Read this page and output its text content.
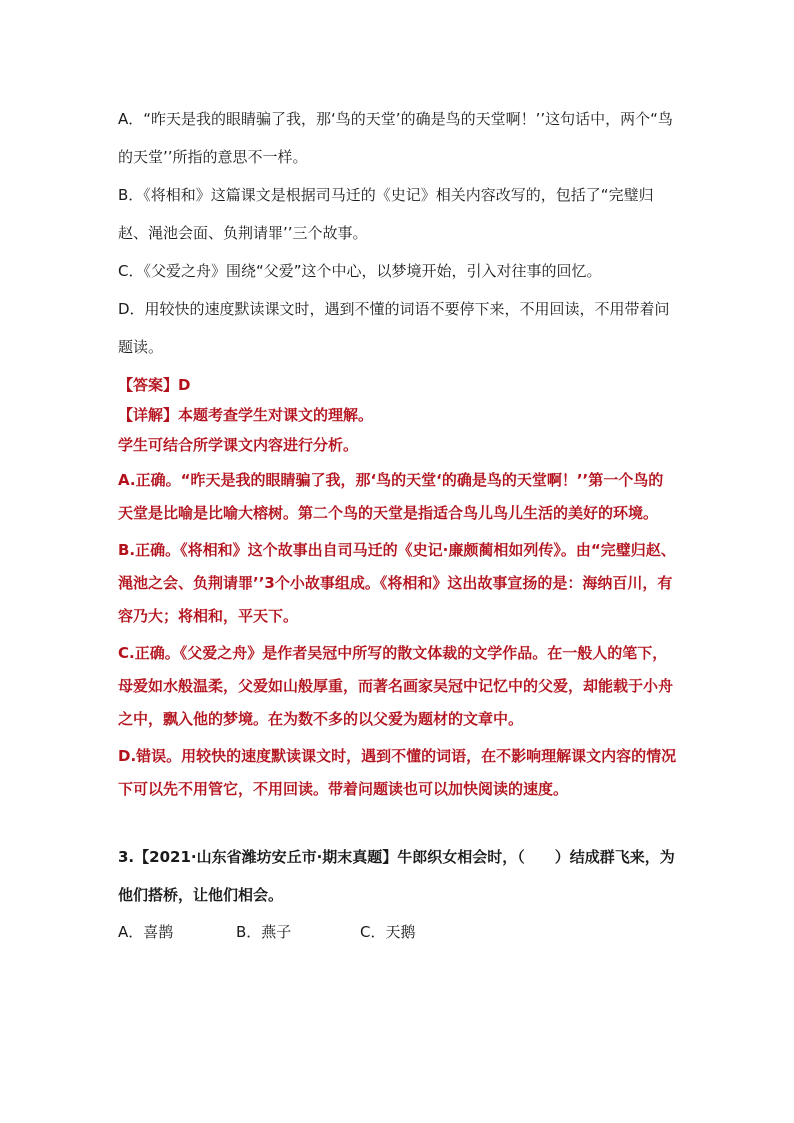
A．“昨天是我的眼睛骗了我，那‘鸟的天堂’的确是鸟的天堂啊！’’这句话中，两个“鸟的天堂’’所指的意思不一样。

B．《将相和》这篇课文是根据司马迁的《史记》相关内容改写的，包括了“完璧归赵、渑池会面、负荆请罪’’三个故事。

C．《父爱之舟》围绕“父爱”这个中心，以梦境开始，引入对往事的回忆。

D．用较快的速度默读课文时，遇到不懂的词语不要停下来，不用回读，不用带着问题读。

【答案】D

【详解】本题考查学生对课文的理解。

学生可结合所学课文内容进行分析。

A.正确。“昨天是我的眼睛骗了我，那‘鸟的天堂‘的确是鸟的天堂啊！’’第一个鸟的天堂是比喻是比喻大榕树。第二个鸟的天堂是指适合鸟儿鸟儿生活的美好的环境。

B.正确。《将相和》这个故事出自司马迁的《史记·廉颇蔺相如列传》。由“完璧归赵、渑池之会、负荆请罪’’3个小故事组成。《将相和》这出故事宣扬的是：海纳百川，有容乃大；将相和，平天下。

C.正确。《父爱之舟》是作者吴冠中所写的散文体裁的文学作品。在一般人的笔下，母爱如水般温柔，父爱如山般厚重，而著名画家吴冠中记忆中的父爱，却能载于小舟之中，飘入他的梦境。在为数不多的以父爱为题材的文章中。

D.错误。用较快的速度默读课文时，遇到不懂的词语，在不影响理解课文内容的情况下可以先不用管它，不用回读。带着问题读也可以加快阅读的速度。

3.【2021·山东省潍坊安丘市·期末真题】牛郎织女相会时，（　　）结成群飞来，为他们搭桥，让他们相会。

A．喜鹊	B．燕子	C．天鹅
